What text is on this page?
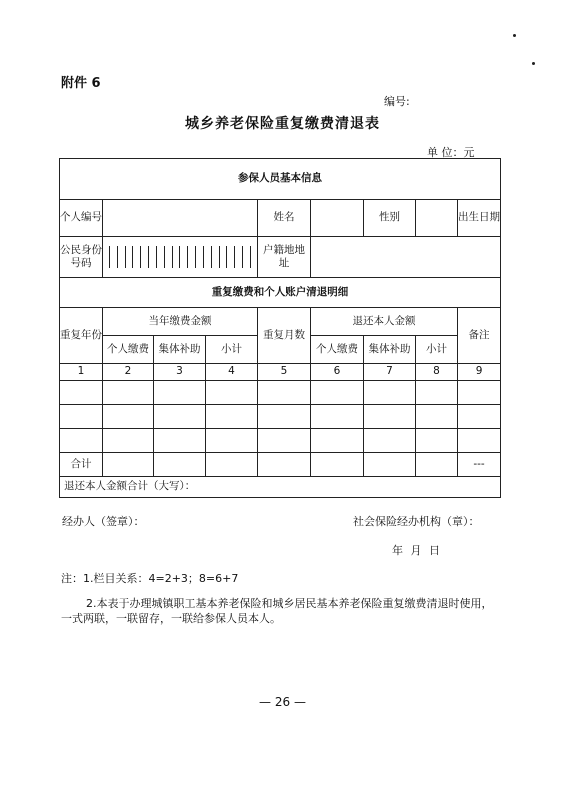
附件 6
编号:
城乡养老保险重复缴费清退表
单 位：元
参保人员基本信息								
个人编号				姓名		性别		出生日期
公民身份号码				户籍地地址				
重复缴费和个人账户清退明细								
重复年份	当年缴费金额			重复月数	退还本人金额			备注
	个人缴费	集体补助	小计		个人缴费	集体补助	小计	
1	2	3	4	5	6	7	8	9

合计								---
退还本人金额合计（大写）：								
经办人（签章）：	社会保险经办机构（章）：
年 月 日
注：1.栏目关系：4=2+3；8=6+7
2.本表于办理城镇职工基本养老保险和城乡居民基本养老保险重复缴费清退时使用，
一式两联，一联留存，一联给参保人员本人。
— 26 —
